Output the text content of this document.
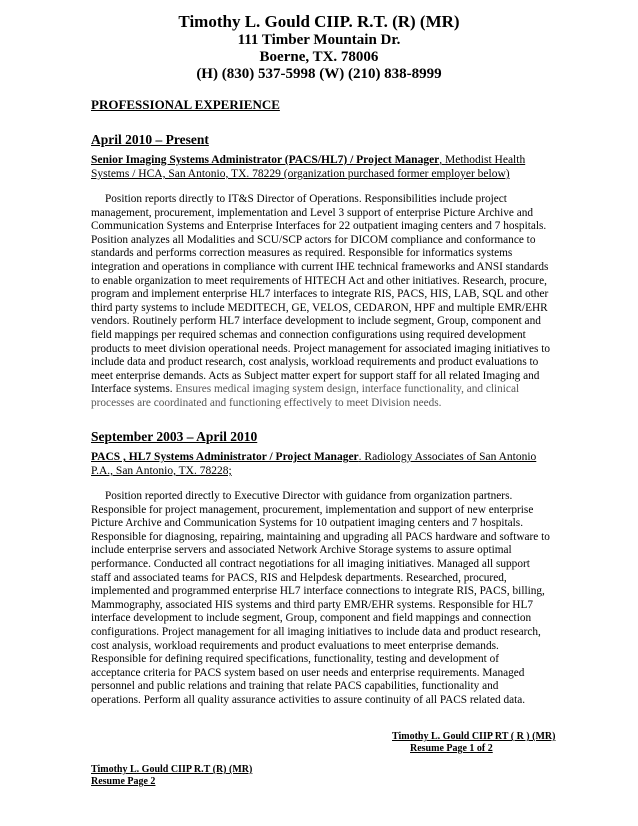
Timothy L. Gould CIIP. R.T. (R) (MR)
111 Timber Mountain Dr.
Boerne, TX. 78006
(H) (830) 537-5998 (W) (210) 838-8999
PROFESSIONAL EXPERIENCE
April 2010 – Present
Senior Imaging Systems Administrator (PACS/HL7) / Project Manager, Methodist Health Systems / HCA, San Antonio, TX. 78229 (organization purchased former employer below)
Position reports directly to IT&S Director of Operations. Responsibilities include project management, procurement, implementation and Level 3 support of enterprise Picture Archive and Communication Systems and Enterprise Interfaces for 22 outpatient imaging centers and 7 hospitals. Position analyzes all Modalities and SCU/SCP actors for DICOM compliance and conformance to standards and performs correction measures as required. Responsible for informatics systems integration and operations in compliance with current IHE technical frameworks and ANSI standards to enable organization to meet requirements of HITECH Act and other initiatives. Research, procure, program and implement enterprise HL7 interfaces to integrate RIS, PACS, HIS, LAB, SQL and other third party systems to include MEDITECH, GE, VELOS, CEDARON, HPF and multiple EMR/EHR vendors. Routinely perform HL7 interface development to include segment, Group, component and field mappings per required schemas and connection configurations using required development products to meet division operational needs. Project management for associated imaging initiatives to include data and product research, cost analysis, workload requirements and product evaluations to meet enterprise demands. Acts as Subject matter expert for support staff for all related Imaging and Interface systems. Ensures medical imaging system design, interface functionality, and clinical processes are coordinated and functioning effectively to meet Division needs.
September 2003 – April 2010
PACS , HL7 Systems Administrator / Project Manager. Radiology Associates of San Antonio P.A., San Antonio, TX. 78228;
Position reported directly to Executive Director with guidance from organization partners. Responsible for project management, procurement, implementation and support of new enterprise Picture Archive and Communication Systems for 10 outpatient imaging centers and 7 hospitals. Responsible for diagnosing, repairing, maintaining and upgrading all PACS hardware and software to include enterprise servers and associated Network Archive Storage systems to assure optimal performance. Conducted all contract negotiations for all imaging initiatives. Managed all support staff and associated teams for PACS, RIS and Helpdesk departments. Researched, procured, implemented and programmed enterprise HL7 interface connections to integrate RIS, PACS, billing, Mammography, associated HIS systems and third party EMR/EHR systems. Responsible for HL7 interface development to include segment, Group, component and field mappings and connection configurations. Project management for all imaging initiatives to include data and product research, cost analysis, workload requirements and product evaluations to meet enterprise demands. Responsible for defining required specifications, functionality, testing and development of acceptance criteria for PACS system based on user needs and enterprise requirements. Managed personnel and public relations and training that relate PACS capabilities, functionality and operations. Perform all quality assurance activities to assure continuity of all PACS related data.
Timothy L. Gould CIIP RT ( R ) (MR)
Resume Page 1 of 2
Timothy L. Gould CIIP R.T (R) (MR)
Resume Page 2
